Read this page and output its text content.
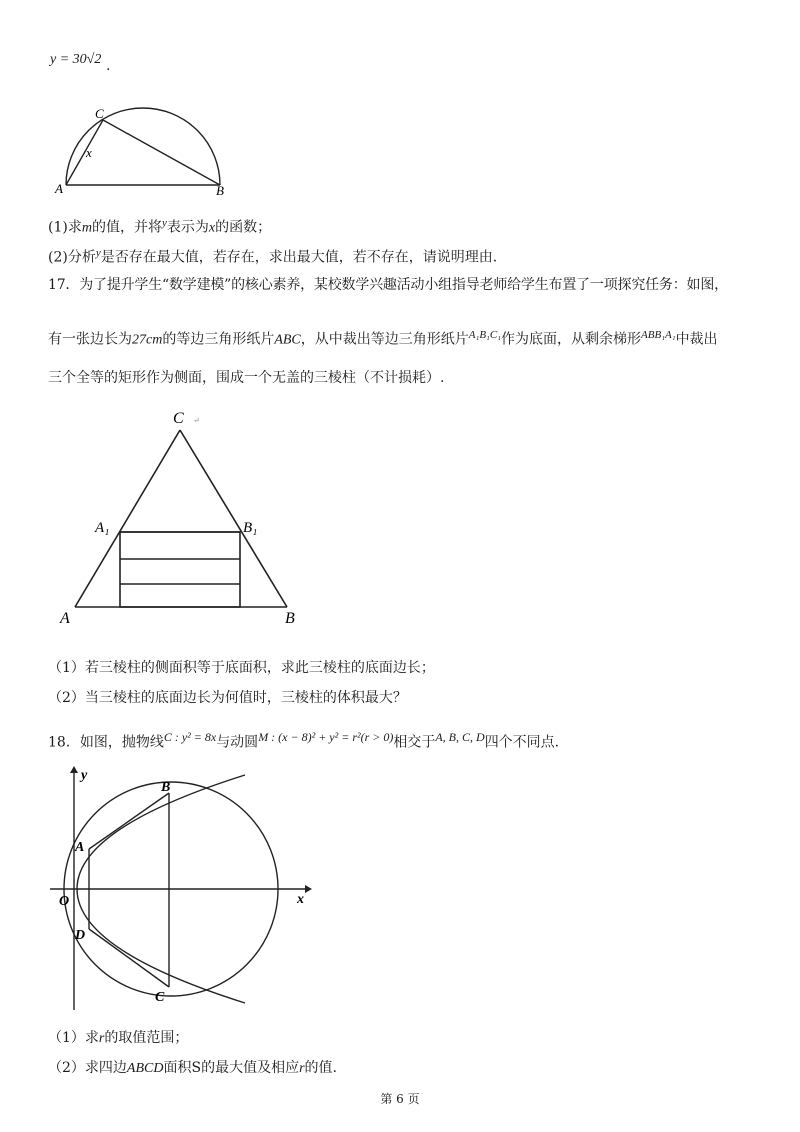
y = 30√2 .
C
x
A	B
(1)求m的值，并将$^y$表示为x的函数；
(2)分析$^y$是否存在最大值，若存在，求出最大值，若不存在，请说明理由.
17．为了提升学生“数学建模”的核心素养，某校数学兴趣活动小组指导老师给学生布置了一项探究任务：如图，
有一张边长为27cm的等边三角形纸片ABC，从中裁出等边三角形纸片$^{A_1B_1C_1}$作为底面，从剩余梯形$^{ABB_1A_1}$中裁出
三个全等的矩形作为侧面，围成一个无盖的三棱柱（不计损耗）.
C ↵
A₁	B₁
A	B
（1）若三棱柱的侧面积等于底面积，求此三棱柱的底面边长；
（2）当三棱柱的底面边长为何值时，三棱柱的体积最大？
18．如图，抛物线$^{C : y^2 = 8x}$与动圆$^{M : (x - 8)^2 + y^2 = r^2(r > 0)}$相交于$^{A, B, C, D}$四个不同点.
y
x
O
A
B
D
C
（1）求r的取值范围；
（2）求四边ABCD面积S的最大值及相应r的值.
第 6 页
